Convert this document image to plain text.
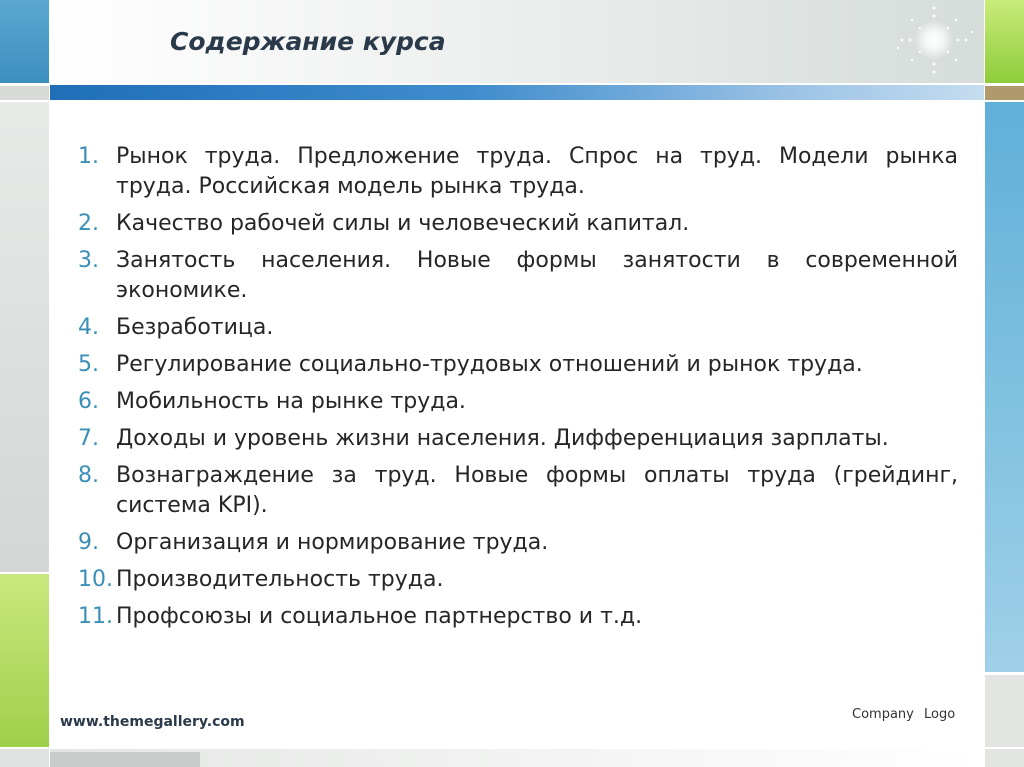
Содержание курса
1. Рынок труда. Предложение труда. Спрос на труд. Модели рынка труда. Российская модель рынка труда.
2. Качество рабочей силы и человеческий капитал.
3. Занятость населения. Новые формы занятости в современной экономике.
4. Безработица.
5. Регулирование социально-трудовых отношений и рынок труда.
6. Мобильность на рынке труда.
7. Доходы и уровень жизни населения. Дифференциация зарплаты.
8. Вознаграждение за труд. Новые формы оплаты труда (грейдинг, система KPI).
9. Организация и нормирование труда.
10. Производительность труда.
11. Профсоюзы и социальное партнерство и т.д.
www.themegallery.com	Company Logo
